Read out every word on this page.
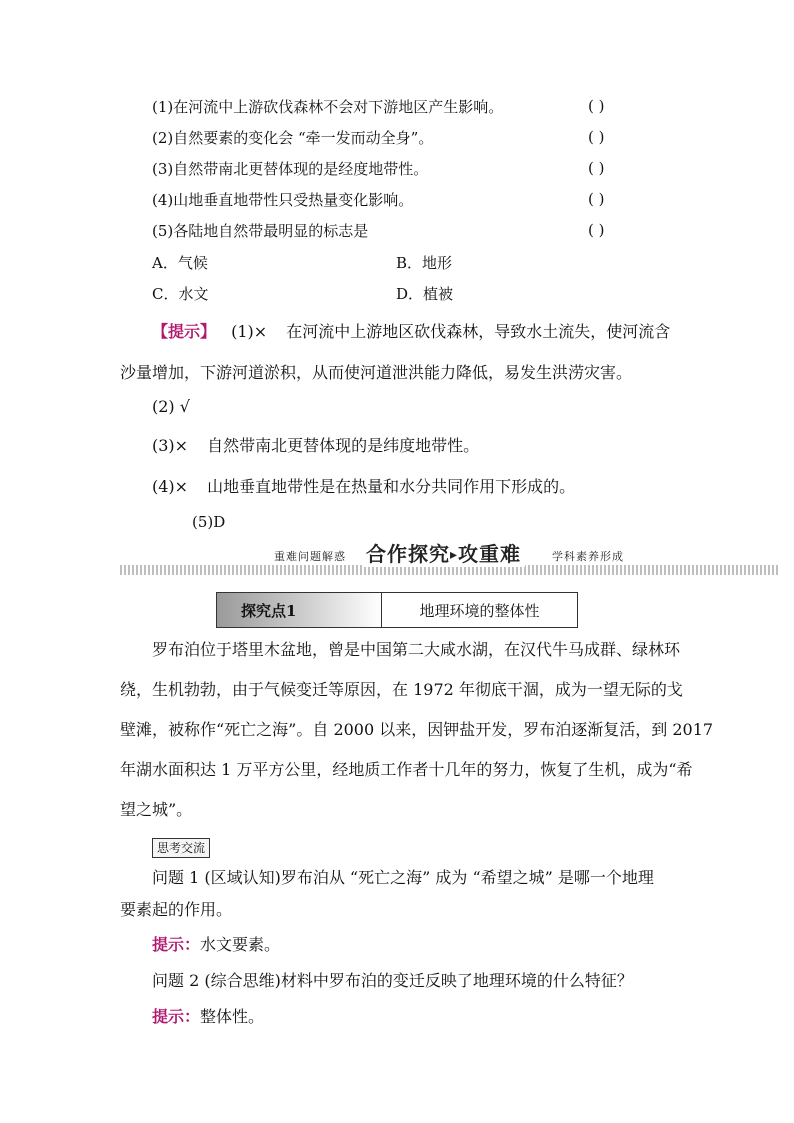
(1)在河流中上游砍伐森林不会对下游地区产生影响。	( )
(2)自然要素的变化会 “牵一发而动全身”。	( )
(3)自然带南北更替体现的是经度地带性。	( )
(4)山地垂直地带性只受热量变化影响。	( )
(5)各陆地自然带最明显的标志是	( )
A．气候	B．地形
C．水文	D．植被
【提示】 (1)× 在河流中上游地区砍伐森林，导致水土流失，使河流含
沙量增加，下游河道淤积，从而使河道泄洪能力降低，易发生洪涝灾害。
(2) √
(3)× 自然带南北更替体现的是纬度地带性。
(4)× 山地垂直地带性是在热量和水分共同作用下形成的。
(5)D
重难问题解惑 合作探究▸攻重难	学科素养形成
探究点1	地理环境的整体性
罗布泊位于塔里木盆地，曾是中国第二大咸水湖，在汉代牛马成群、绿林环
绕，生机勃勃，由于气候变迁等原因，在 1972 年彻底干涸，成为一望无际的戈
壁滩，被称作“死亡之海”。自 2000 以来，因钾盐开发，罗布泊逐渐复活，到 2017
年湖水面积达 1 万平方公里，经地质工作者十几年的努力，恢复了生机，成为“希
望之城”。
思考交流
问题 1 (区域认知)罗布泊从 “死亡之海” 成为 “希望之城” 是哪一个地理
要素起的作用。
提示：水文要素。
问题 2 (综合思维)材料中罗布泊的变迁反映了地理环境的什么特征？
提示：整体性。
